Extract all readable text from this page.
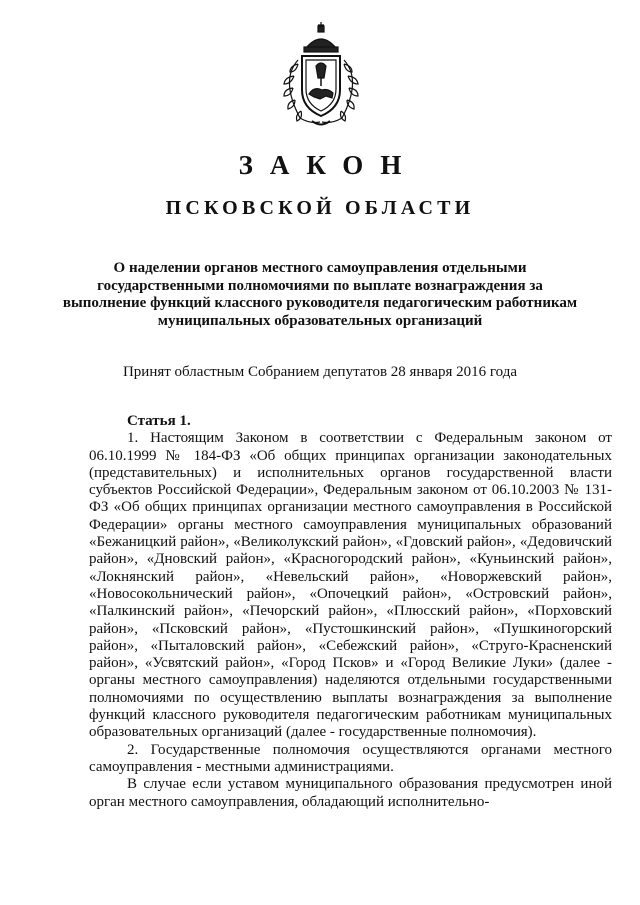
ЗАКОН
ПСКОВСКОЙ ОБЛАСТИ
О наделении органов местного самоуправления отдельными государственными полномочиями по выплате вознаграждения за выполнение функций классного руководителя педагогическим работникам муниципальных образовательных организаций
Принят областным Собранием депутатов 28 января 2016 года
Статья 1.

1. Настоящим Законом в соответствии с Федеральным законом от 06.10.1999 № 184-ФЗ «Об общих принципах организации законодательных (представительных) и исполнительных органов государственной власти субъектов Российской Федерации», Федеральным законом от 06.10.2003 № 131-ФЗ «Об общих принципах организации местного самоуправления в Российской Федерации» органы местного самоуправления муниципальных образований «Бежаницкий район», «Великолукский район», «Гдовский район», «Дедовичский район», «Дновский район», «Красногородский район», «Куньинский район», «Локнянский район», «Невельский район», «Новоржевский район», «Новосокольнический район», «Опочецкий район», «Островский район», «Палкинский район», «Печорский район», «Плюсский район», «Порховский район», «Псковский район», «Пустошкинский район», «Пушкиногорский район», «Пыталовский район», «Себежский район», «Струго-Красненский район», «Усвятский район», «Город Псков» и «Город Великие Луки» (далее - органы местного самоуправления) наделяются отдельными государственными полномочиями по осуществлению выплаты вознаграждения за выполнение функций классного руководителя педагогическим работникам муниципальных образовательных организаций (далее - государственные полномочия).

2. Государственные полномочия осуществляются органами местного самоуправления - местными администрациями.

В случае если уставом муниципального образования предусмотрен иной орган местного самоуправления, обладающий исполнительно-
